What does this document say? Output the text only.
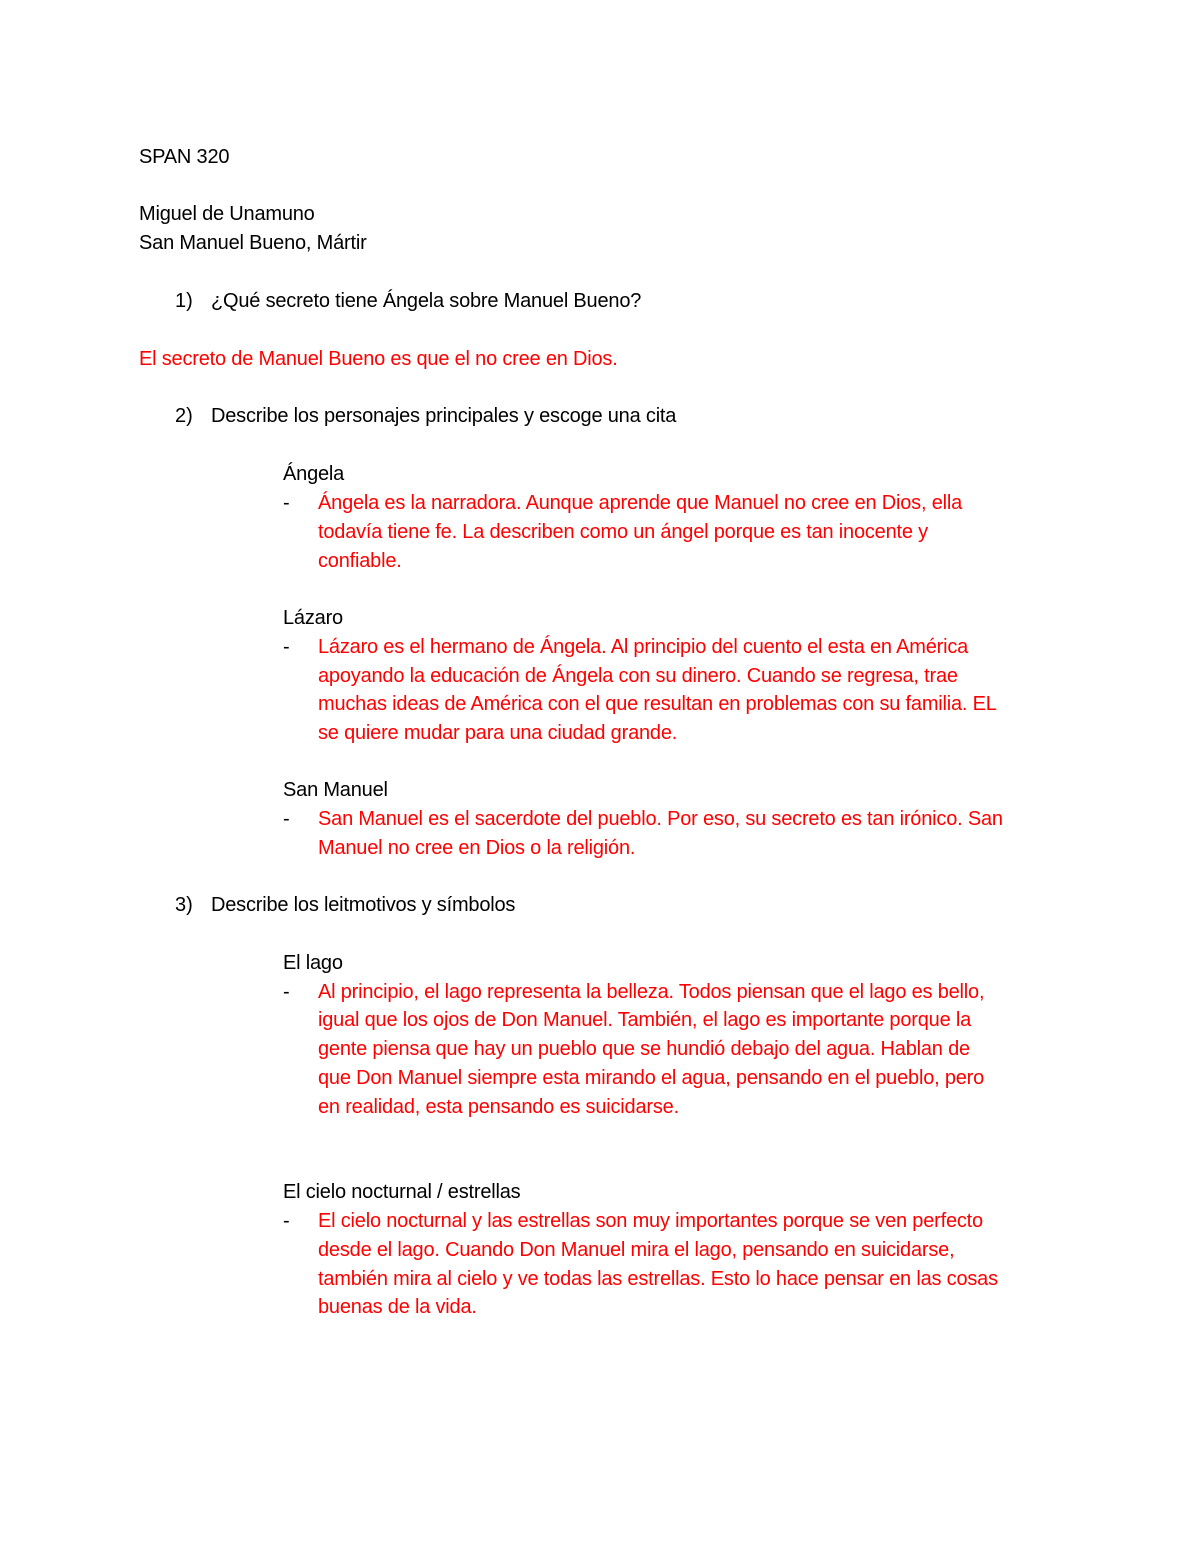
SPAN 320
Miguel de Unamuno
San Manuel Bueno, Mártir
1) ¿Qué secreto tiene Ángela sobre Manuel Bueno?
El secreto de Manuel Bueno es que el no cree en Dios.
2) Describe los personajes principales y escoge una cita
Ángela
- Ángela es la narradora. Aunque aprende que Manuel no cree en Dios, ella
todavía tiene fe. La describen como un ángel porque es tan inocente y
confiable.
Lázaro
- Lázaro es el hermano de Ángela. Al principio del cuento el esta en América
apoyando la educación de Ángela con su dinero. Cuando se regresa, trae
muchas ideas de América con el que resultan en problemas con su familia. EL
se quiere mudar para una ciudad grande.
San Manuel
- San Manuel es el sacerdote del pueblo. Por eso, su secreto es tan irónico. San
Manuel no cree en Dios o la religión.
3) Describe los leitmotivos y símbolos
El lago
- Al principio, el lago representa la belleza. Todos piensan que el lago es bello,
igual que los ojos de Don Manuel. También, el lago es importante porque la
gente piensa que hay un pueblo que se hundió debajo del agua. Hablan de
que Don Manuel siempre esta mirando el agua, pensando en el pueblo, pero
en realidad, esta pensando es suicidarse.
El cielo nocturnal / estrellas
- El cielo nocturnal y las estrellas son muy importantes porque se ven perfecto
desde el lago. Cuando Don Manuel mira el lago, pensando en suicidarse,
también mira al cielo y ve todas las estrellas. Esto lo hace pensar en las cosas
buenas de la vida.
